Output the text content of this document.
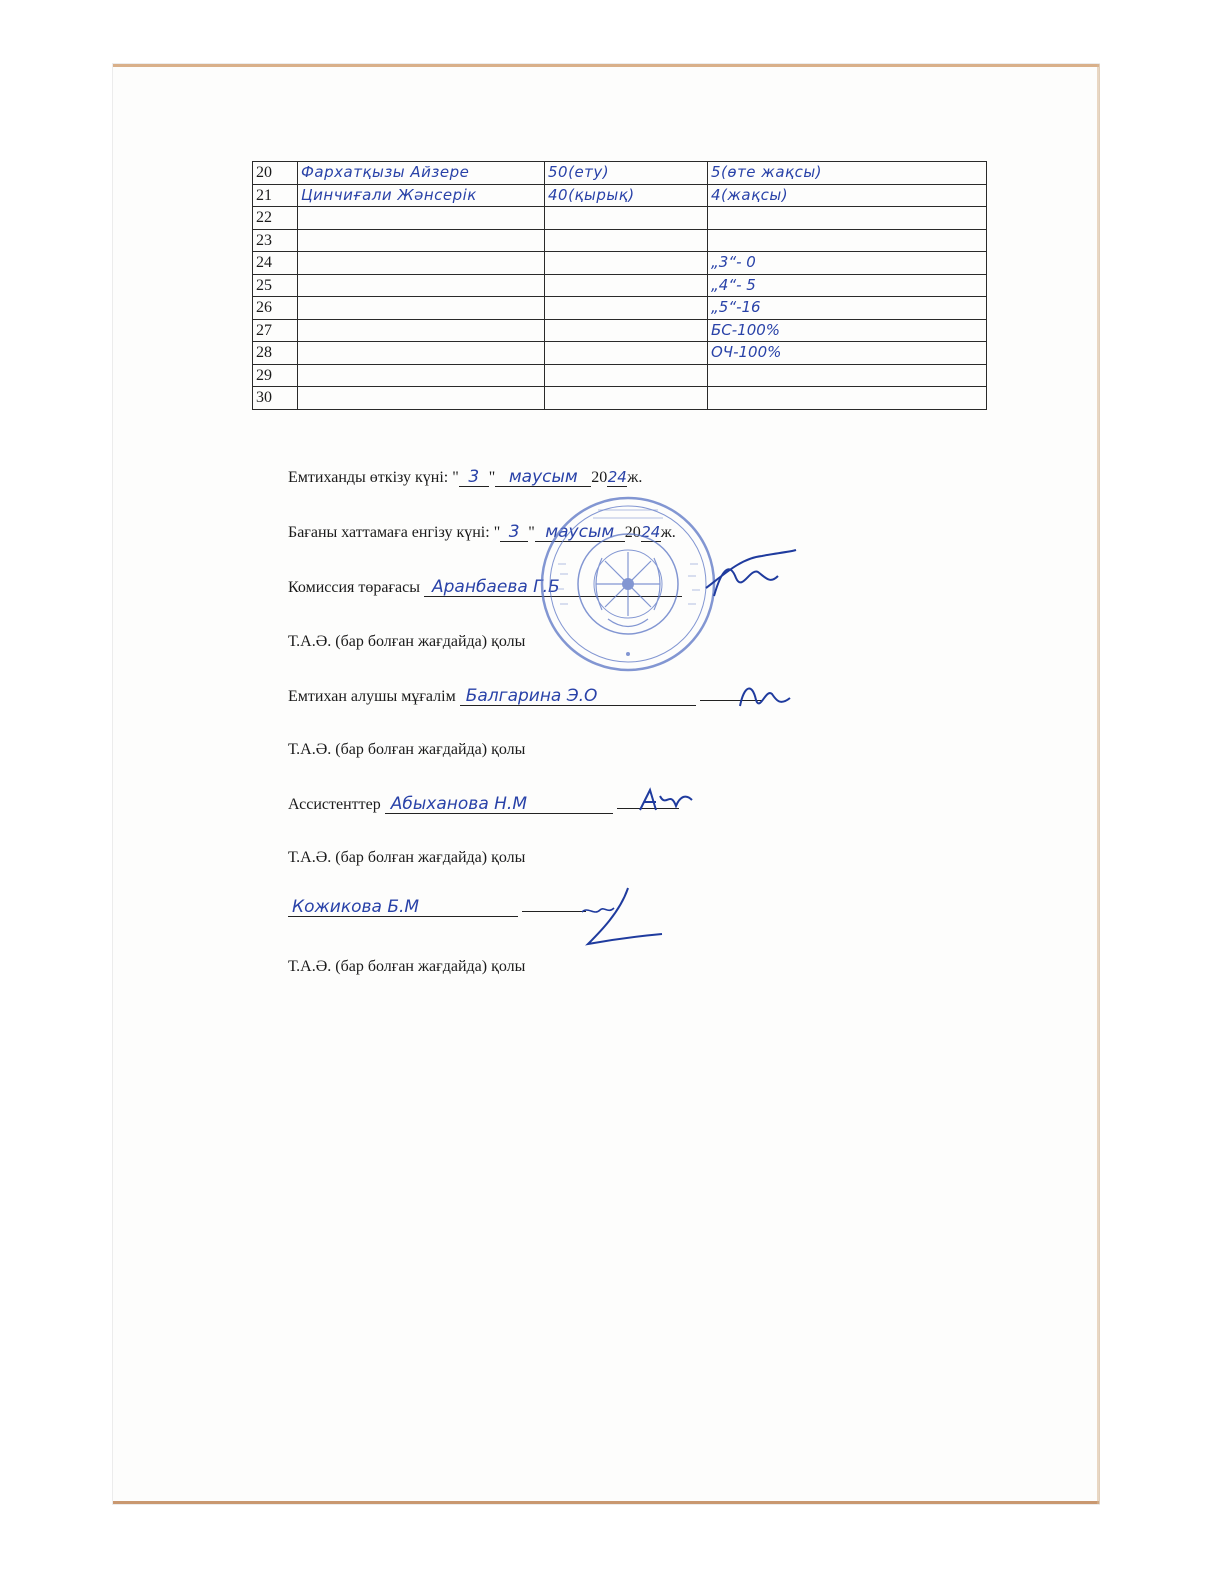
20	Фархатқызы Айзере	50(ету)	5(өте жақсы)
21	Цинчиғали Жәнсерік	40(қырық)	4(жақсы)
22			
23			
24			„3“- 0
25			„4“- 5
26			„5“-16
27			БС-100%
28			ОЧ-100%
29			
30			
Емтиханды өткізу күні: " 3 " маусым 2024ж.
Бағаны хаттамаға енгізу күні: " 3 " маусым 2024ж.
Комиссия төрағасы Аранбаева Г.Б
Т.А.Ә. (бар болған жағдайда) қолы
Емтихан алушы мұғалім Балгарина Э.О
Т.А.Ә. (бар болған жағдайда) қолы
Ассистенттер Абыханова Н.М
Т.А.Ә. (бар болған жағдайда) қолы
Кожикова Б.М
Т.А.Ә. (бар болған жағдайда) қолы
